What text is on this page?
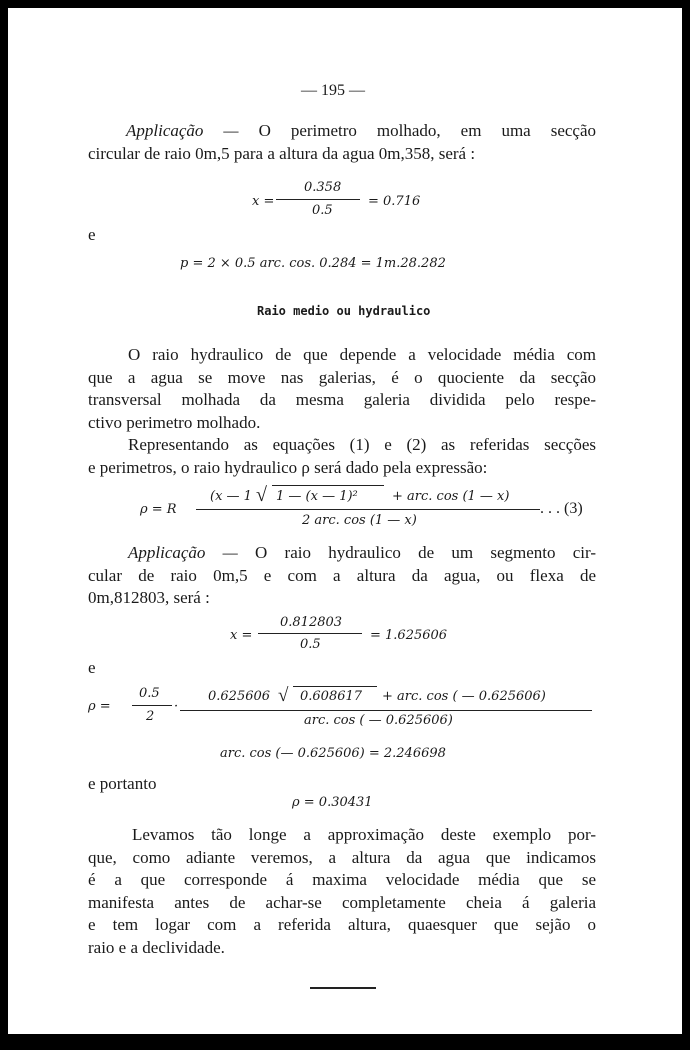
— 195 —
Applicação — O perimetro molhado, em uma secção
circular de raio 0m,5 para a altura da agua 0m,358, será :
x =
0.358
0.5
= 0.716
e
p = 2 × 0.5 arc. cos. 0.284 = 1m.28.282
Raio medio ou hydraulico
O raio hydraulico de que depende a velocidade média com
que a agua se move nas galerias, é o quociente da secção
transversal molhada da mesma galeria dividida pelo respe-
ctivo perimetro molhado.
Representando as equações (1) e (2) as referidas secções
e perimetros, o raio hydraulico ρ será dado pela expressão:
ρ = R
(x — 1 √ 1 — (x — 1)²	+ arc. cos (1 — x)
2 arc. cos (1 — x)
. . . (3)
Applicação — O raio hydraulico de um segmento cir-
cular de raio 0m,5 e com a altura da agua, ou flexa de
0m,812803, será :
x =
0.812803
0.5
= 1.625606
e
ρ =
0.5
2
·
0.625606 √ 0.608617 + arc. cos ( — 0.625606)
arc. cos ( — 0.625606)
arc. cos (— 0.625606) = 2.246698
e portanto
ρ = 0.30431
Levamos tão longe a approximação deste exemplo por-
que, como adiante veremos, a altura da agua que indicamos
é a que corresponde á maxima velocidade média que se
manifesta antes de achar-se completamente cheia á galeria
e tem logar com a referida altura, quaesquer que sejão o
raio e a declividade.
